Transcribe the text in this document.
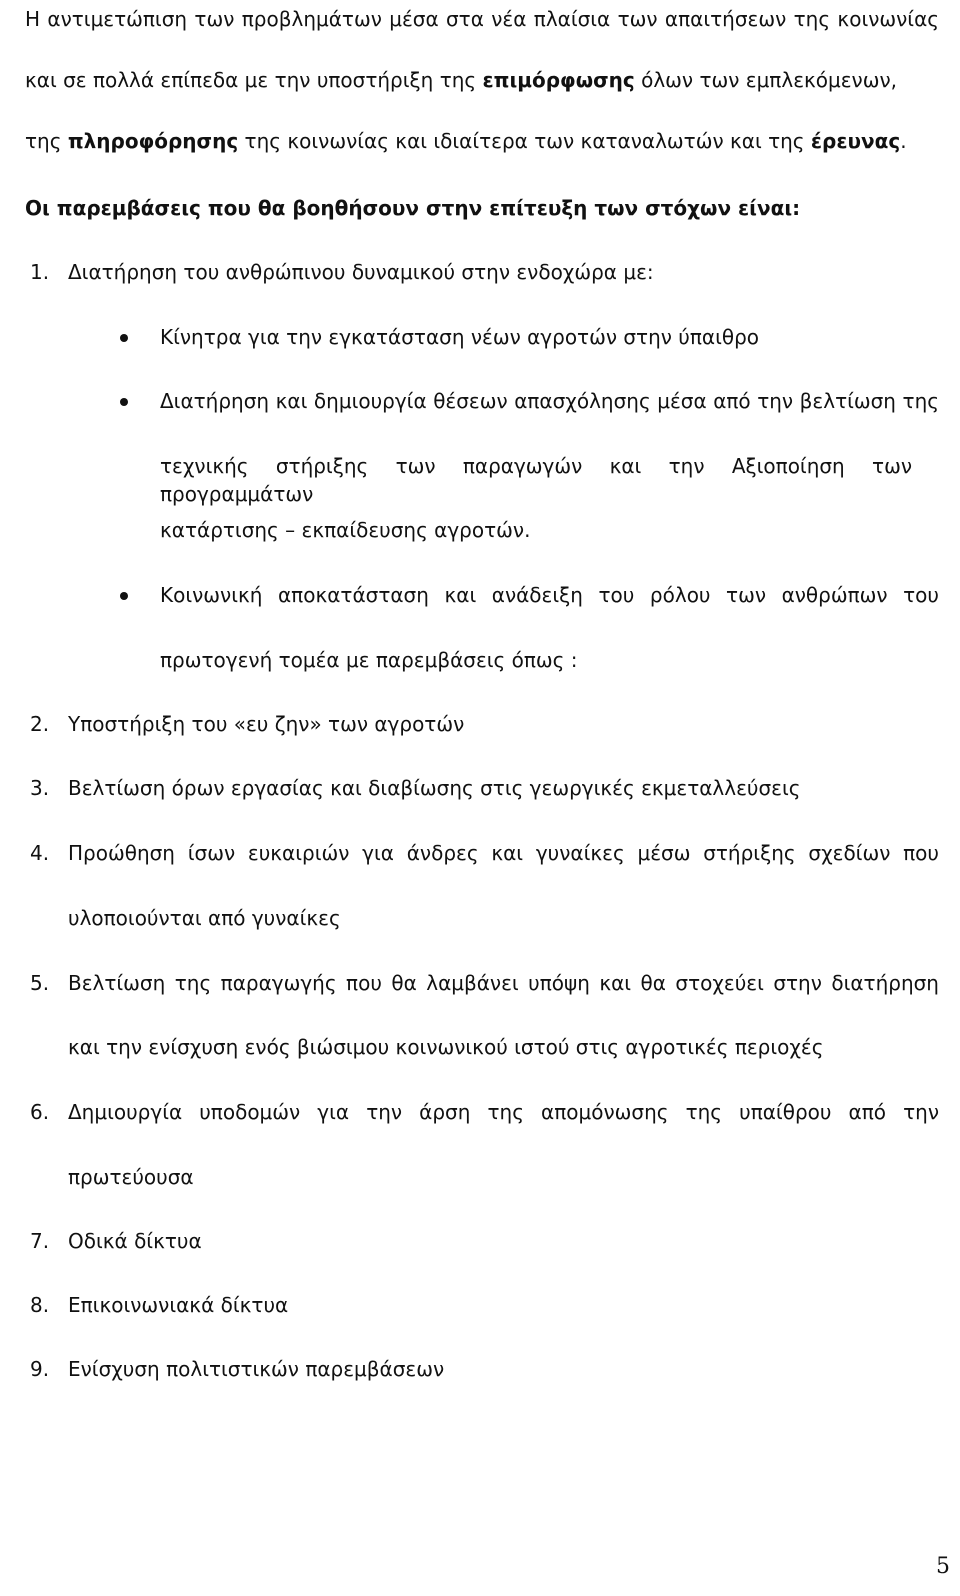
Η αντιμετώπιση των προβλημάτων μέσα στα νέα πλαίσια των απαιτήσεων της κοινωνίας
και σε πολλά επίπεδα με την υποστήριξη της επιμόρφωσης όλων των εμπλεκόμενων,
της πληροφόρησης της κοινωνίας και ιδιαίτερα των καταναλωτών και της έρευνας.
Οι παρεμβάσεις που θα βοηθήσουν στην επίτευξη των στόχων είναι:
1. Διατήρηση του ανθρώπινου δυναμικού στην ενδοχώρα με:
Κίνητρα για την εγκατάσταση νέων αγροτών στην ύπαιθρο
Διατήρηση και δημιουργία θέσεων απασχόλησης μέσα από την βελτίωση της
τεχνικής στήριξης των παραγωγών και την Αξιοποίηση των προγραμμάτων
κατάρτισης – εκπαίδευσης αγροτών.
Κοινωνική αποκατάσταση και ανάδειξη του ρόλου των ανθρώπων του
πρωτογενή τομέα με παρεμβάσεις όπως :
2. Υποστήριξη του «ευ ζην» των αγροτών
3. Βελτίωση όρων εργασίας και διαβίωσης στις γεωργικές εκμεταλλεύσεις
4. Προώθηση ίσων ευκαιριών για άνδρες και γυναίκες μέσω στήριξης σχεδίων που
υλοποιούνται από γυναίκες
5. Βελτίωση της παραγωγής που θα λαμβάνει υπόψη και θα στοχεύει στην διατήρηση
και την ενίσχυση ενός βιώσιμου κοινωνικού ιστού στις αγροτικές περιοχές
6. Δημιουργία υποδομών για την άρση της απομόνωσης της υπαίθρου από την
πρωτεύουσα
7. Οδικά δίκτυα
8. Επικοινωνιακά δίκτυα
9. Ενίσχυση πολιτιστικών παρεμβάσεων
5
